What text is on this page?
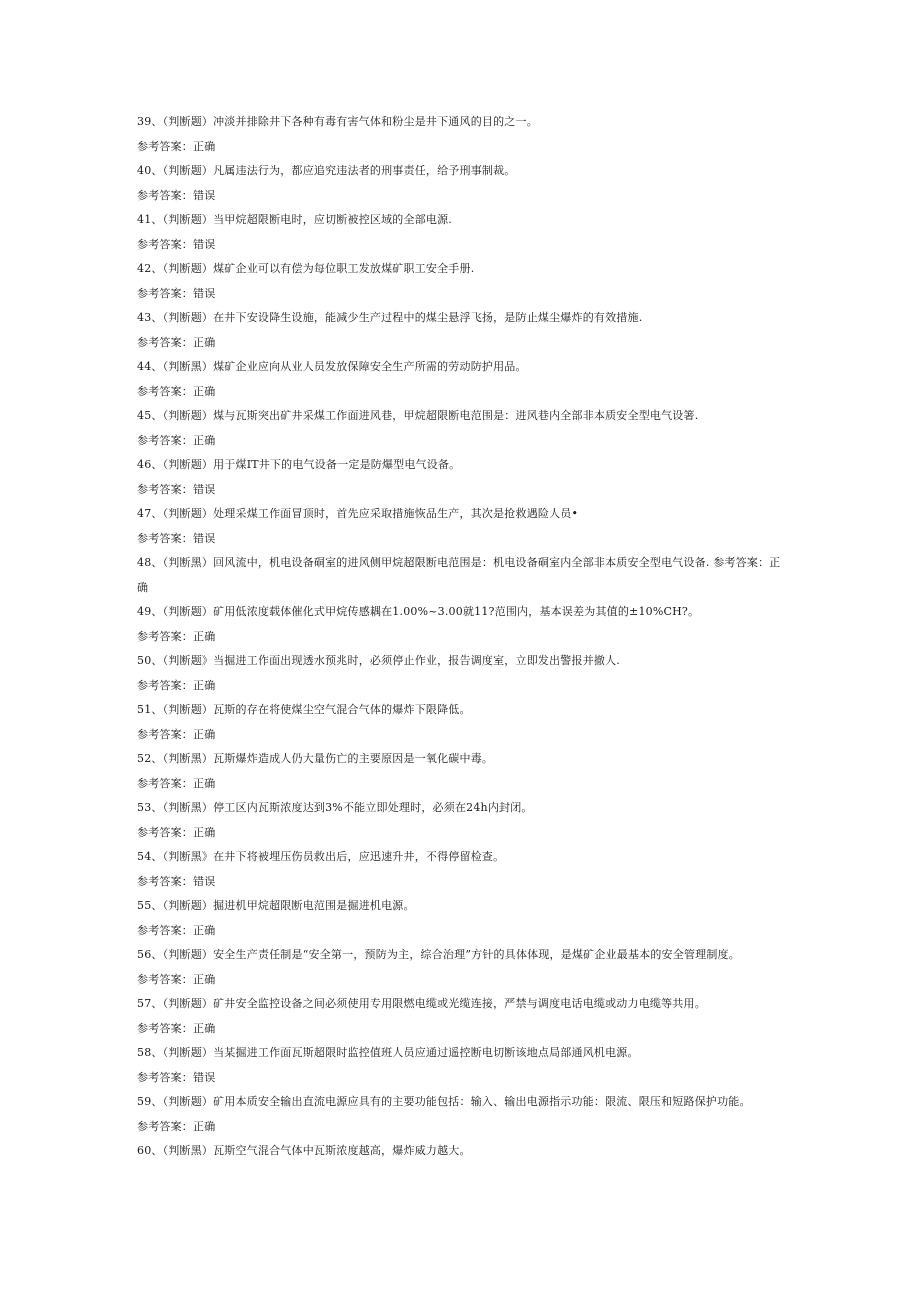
39、（判断题）冲淡并排除井下各种有毒有害气体和粉尘是井下通风的目的之一。
参考答案：正确
40、（判断题）凡属违法行为，都应追究违法者的刑事责任，给予刑事制裁。
参考答案：错误
41、（判断题）当甲烷超限断电时，应切断被控区域的全部电源.
参考答案：错误
42、（判断题）煤矿企业可以有偿为每位职工发放煤矿职工安全手册.
参考答案：错误
43、（判断题）在井下安设降生设施，能减少生产过程中的煤尘悬浮飞扬，是防止煤尘爆炸的有效措施.
参考答案：正确
44、（判断黑）煤矿企业应向从业人员发放保障安全生产所需的劳动防护用品。
参考答案：正确
45、（判断题）煤与瓦斯突出矿井采煤工作面进风巷，甲烷超限断电范围是：进风巷内全部非本质安全型电气设箸.
参考答案：正确
46、（判断题）用于煤IT井下的电气设备一定是防爆型电气设备。
参考答案：错误
47、（判断题）处理采煤工作面冒顶时，首先应采取措施恢品生产，其次是抢救遇险人员•
参考答案：错误
48、（判断黑）回风流中，机电设备硐室的进风侧甲烷超限断电范围是：机电设备硐室内全部非本质安全型电气设备. 参考答案：正确
49、（判断题）矿用低浓度载体催化式甲烷传感耦在1.00%~3.00就11?范围内，基本误差为其值的±10%CH?。
参考答案：正确
50、（判断题》当掘进工作面出现透水预兆时，必须停止作业，报告调度室，立即发出警报并撤人.
参考答案：正确
51、（判断题）瓦斯的存在将使煤尘空气混合气体的爆炸下限降低。
参考答案：正确
52、（判断黑）瓦斯爆炸造成人仍大量伤亡的主要原因是一氧化碳中毒。
参考答案：正确
53、（判断黑）停工区内瓦斯浓度达到3%不能立即处理时，必须在24h内封闭。
参考答案：正确
54、（判断黑》在井下将被埋压伤员救出后，应迅速升井，不得停留检查。
参考答案：错误
55、（判断题）掘进机甲烷超限断电范围是掘进机电源。
参考答案：正确
56、（判断题）安全生产责任制是“安全第一，预防为主，综合治理”方针的具体体现，是煤矿企业最基本的安全管理制度。
参考答案：正确
57、（判断题）矿井安全监控设备之间必须使用专用限燃电缆或光缆连接，严禁与调度电话电缆或动力电缆等共用。
参考答案：正确
58、（判断题）当某掘进工作面瓦斯超限时监控值班人员应通过遥控断电切断该地点局部通风机电源。
参考答案：错误
59、（判断题）矿用本质安全输出直流电源应具有的主要功能包括：输入、输出电源指示功能：限流、限压和短路保护功能。
参考答案：正确
60、（判断黑）瓦斯空气混合气体中瓦斯浓度越高，爆炸威力越大。
